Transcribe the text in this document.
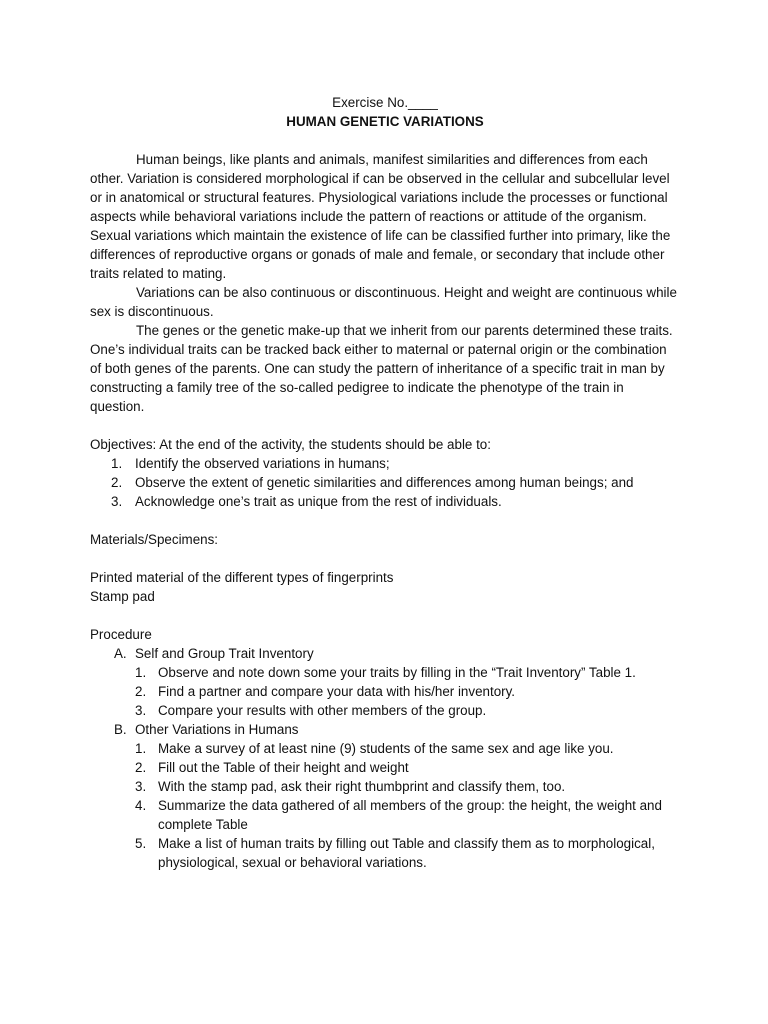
Exercise No.____
HUMAN GENETIC VARIATIONS

Human beings, like plants and animals, manifest similarities and differences from each other. Variation is considered morphological if can be observed in the cellular and subcellular level or in anatomical or structural features. Physiological variations include the processes or functional aspects while behavioral variations include the pattern of reactions or attitude of the organism. Sexual variations which maintain the existence of life can be classified further into primary, like the differences of reproductive organs or gonads of male and female, or secondary that include other traits related to mating.

Variations can be also continuous or discontinuous. Height and weight are continuous while sex is discontinuous.

The genes or the genetic make-up that we inherit from our parents determined these traits. One’s individual traits can be tracked back either to maternal or paternal origin or the combination of both genes of the parents. One can study the pattern of inheritance of a specific trait in man by constructing a family tree of the so-called pedigree to indicate the phenotype of the train in question.

Objectives: At the end of the activity, the students should be able to:

1. Identify the observed variations in humans;
2. Observe the extent of genetic similarities and differences among human beings; and
3. Acknowledge one’s trait as unique from the rest of individuals.

Materials/Specimens:

Printed material of the different types of fingerprints

Stamp pad

Procedure

A. Self and Group Trait Inventory
1. Observe and note down some your traits by filling in the “Trait Inventory” Table 1.
2. Find a partner and compare your data with his/her inventory.
3. Compare your results with other members of the group.
B. Other Variations in Humans
1. Make a survey of at least nine (9) students of the same sex and age like you.
2. Fill out the Table of their height and weight
3. With the stamp pad, ask their right thumbprint and classify them, too.
4. Summarize the data gathered of all members of the group: the height, the weight and complete Table
5. Make a list of human traits by filling out Table and classify them as to morphological, physiological, sexual or behavioral variations.
